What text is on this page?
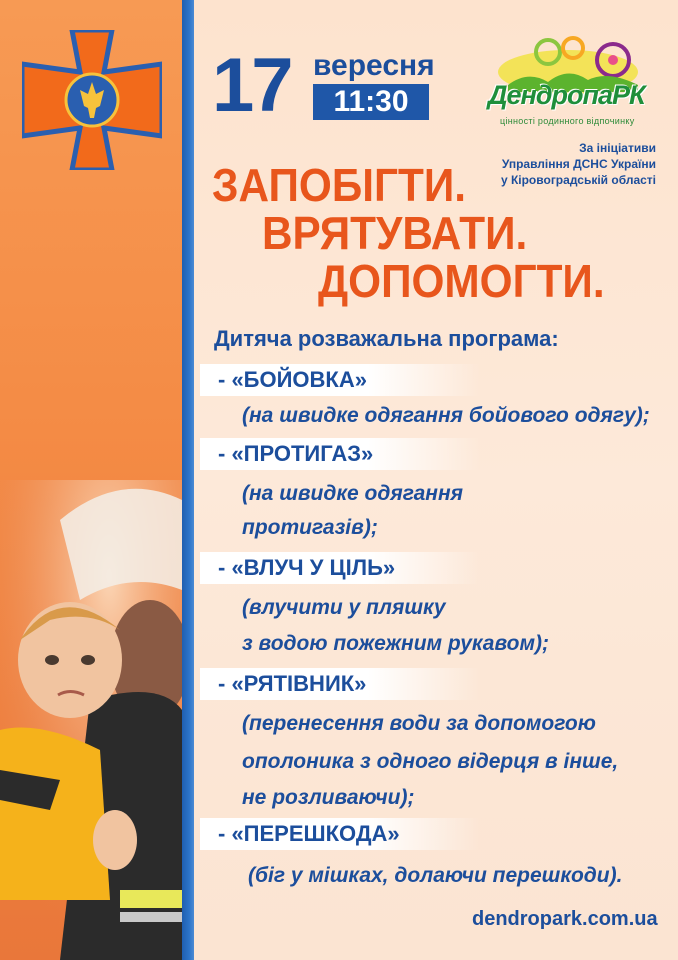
17 вересня
11:30	ДендропаРК
цінності родинного відпочинку
За ініціативи
Управління ДСНС України
у Кіровоградській області
ЗАПОБІГТИ.
ВРЯТУВАТИ.
ДОПОМОГТИ.
Дитяча розважальна програма:
- «БОЙОВКА»
(на швидке одягання бойового одягу);
- «ПРОТИГАЗ»
(на швидке одягання
протигазів);
- «ВЛУЧ У ЦІЛЬ»
(влучити у пляшку
з водою пожежним рукавом);
- «РЯТІВНИК»
(перенесення води за допомогою
ополоника з одного відерця в інше,
не розливаючи);
- «ПЕРЕШКОДА»
(біг у мішках, долаючи перешкоди).
dendropark.com.ua
